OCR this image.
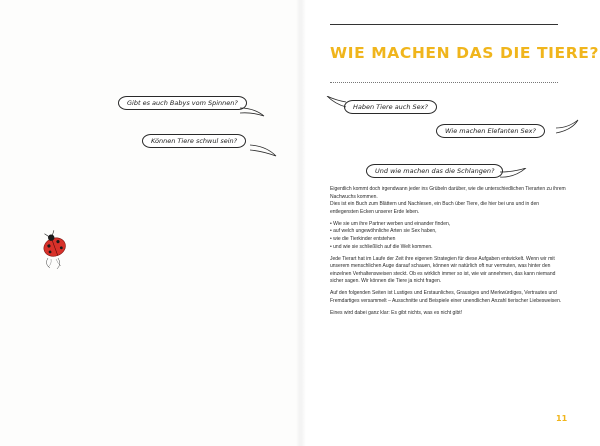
Gibt es auch Babys vom Spinnen?
Können Tiere schwul sein?
WIE MACHEN DAS DIE TIERE?
Haben Tiere auch Sex?
Wie machen Elefanten Sex?
Und wie machen das die Schlangen?

Eigentlich kommt doch irgendwann jeder ins Grübeln darüber, wie die unterschiedlichen Tierarten zu ihrem Nachwuchs kommen.
Dies ist ein Buch zum Blättern und Nachlesen, ein Buch über Tiere, die hier bei uns und in den entlegensten Ecken unserer Erde leben.

• Wie sie um ihre Partner werben und einander finden,
• auf welch ungewöhnliche Arten sie Sex haben,
• wie die Tierkinder entstehen
• und wie sie schließlich auf die Welt kommen.

Jede Tierart hat im Laufe der Zeit ihre eigenen Strategien für diese Aufgaben entwickelt. Wenn wir mit unserem menschlichen Auge darauf schauen, können wir natürlich oft nur vermuten, was hinter den einzelnen Verhaltensweisen steckt. Ob es wirklich immer so ist, wie wir annehmen, das kann niemand sicher sagen. Wir können die Tiere ja nicht fragen.

Auf den folgenden Seiten ist Lustiges und Erstaunliches, Grausiges und Merkwürdiges, Vertrautes und Fremdartiges versammelt – Ausschnitte und Beispiele einer unendlichen Anzahl tierischer Liebesweisen.

Eines wird dabei ganz klar: Es gibt nichts, was es nicht gibt!

11
